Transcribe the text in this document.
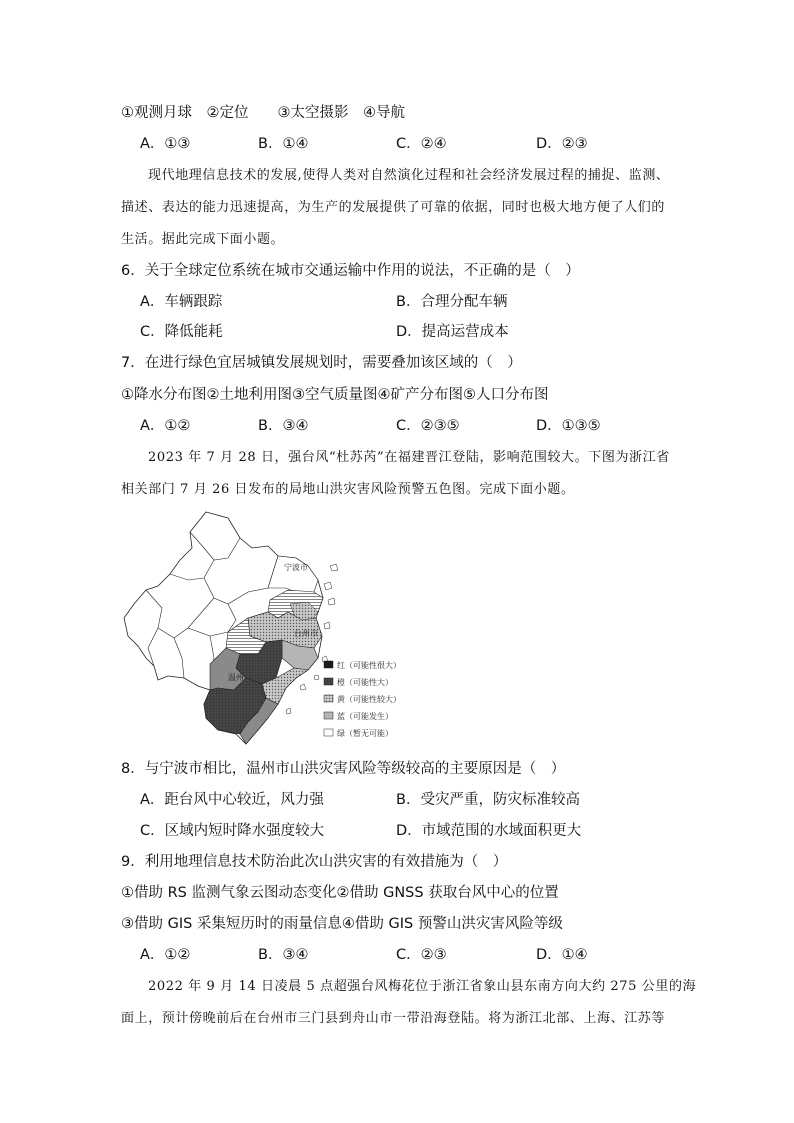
①观测月球　②定位　　③太空摄影　④导航
A．①③	B．①④	C．②④	D．②③
现代地理信息技术的发展,使得人类对自然演化过程和社会经济发展过程的捕捉、监测、
描述、表达的能力迅速提高，为生产的发展提供了可靠的依据，同时也极大地方便了人们的
生活。据此完成下面小题。
6．关于全球定位系统在城市交通运输中作用的说法，不正确的是（　）
A．车辆跟踪	B．合理分配车辆
C．降低能耗	D．提高运营成本
7．在进行绿色宜居城镇发展规划时，需要叠加该区域的（　）
①降水分布图②土地利用图③空气质量图④矿产分布图⑤人口分布图
A．①②	B．③④	C．②③⑤	D．①③⑤
2023 年 7 月 28 日，强台风“杜苏芮”在福建晋江登陆，影响范围较大。下图为浙江省
相关部门 7 月 26 日发布的局地山洪灾害风险预警五色图。完成下面小题。
宁波市
台州市
温州
红（可能性很大）
橙（可能性大）
黄（可能性较大）
蓝（可能发生）
绿（暂无可能）
8．与宁波市相比，温州市山洪灾害风险等级较高的主要原因是（　）
A．距台风中心较近，风力强	B．受灾严重，防灾标准较高
C．区域内短时降水强度较大	D．市域范围的水域面积更大
9．利用地理信息技术防治此次山洪灾害的有效措施为（　）
①借助 RS 监测气象云图动态变化②借助 GNSS 获取台风中心的位置
③借助 GIS 采集短历时的雨量信息④借助 GIS 预警山洪灾害风险等级
A．①②	B．③④	C．②③	D．①④
2022 年 9 月 14 日凌晨 5 点超强台风梅花位于浙江省象山县东南方向大约 275 公里的海
面上，预计傍晚前后在台州市三门县到舟山市一带沿海登陆。将为浙江北部、上海、江苏等
